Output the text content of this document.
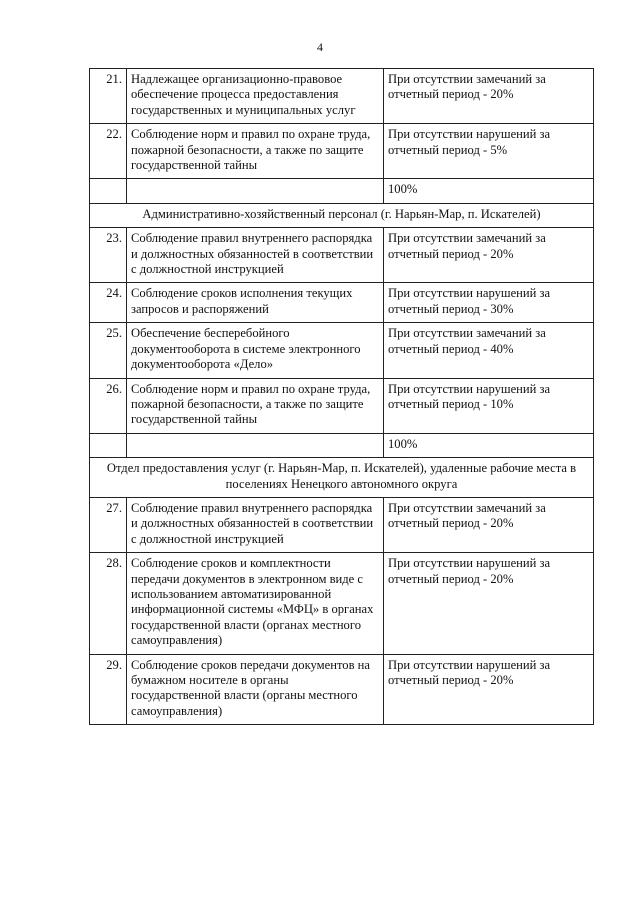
4
21.	Надлежащее организационно-правовое обеспечение процесса предоставления государственных и муниципальных услуг	При отсутствии замечаний за отчетный период - 20%
22.	Соблюдение норм и правил по охране труда, пожарной безопасности, а также по защите государственной тайны	При отсутствии нарушений за отчетный период - 5%
		100%
Административно-хозяйственный персонал (г. Нарьян-Мар, п. Искателей)		
23.	Соблюдение правил внутреннего распорядка и должностных обязанностей в соответствии с должностной инструкцией	При отсутствии замечаний за отчетный период - 20%
24.	Соблюдение сроков исполнения текущих запросов и распоряжений	При отсутствии нарушений за отчетный период - 30%
25.	Обеспечение бесперебойного документооборота в системе электронного документооборота «Дело»	При отсутствии замечаний за отчетный период - 40%
26.	Соблюдение норм и правил по охране труда, пожарной безопасности, а также по защите государственной тайны	При отсутствии нарушений за отчетный период - 10%
		100%
Отдел предоставления услуг (г. Нарьян-Мар, п. Искателей), удаленные рабочие места в поселениях Ненецкого автономного округа		
27.	Соблюдение правил внутреннего распорядка и должностных обязанностей в соответствии с должностной инструкцией	При отсутствии замечаний за отчетный период - 20%
28.	Соблюдение сроков и комплектности передачи документов в электронном виде с использованием автоматизированной информационной системы «МФЦ» в органах государственной власти (органах местного самоуправления)	При отсутствии нарушений за отчетный период - 20%
29.	Соблюдение сроков передачи документов на бумажном носителе в органы государственной власти (органы местного самоуправления)	При отсутствии нарушений за отчетный период - 20%
